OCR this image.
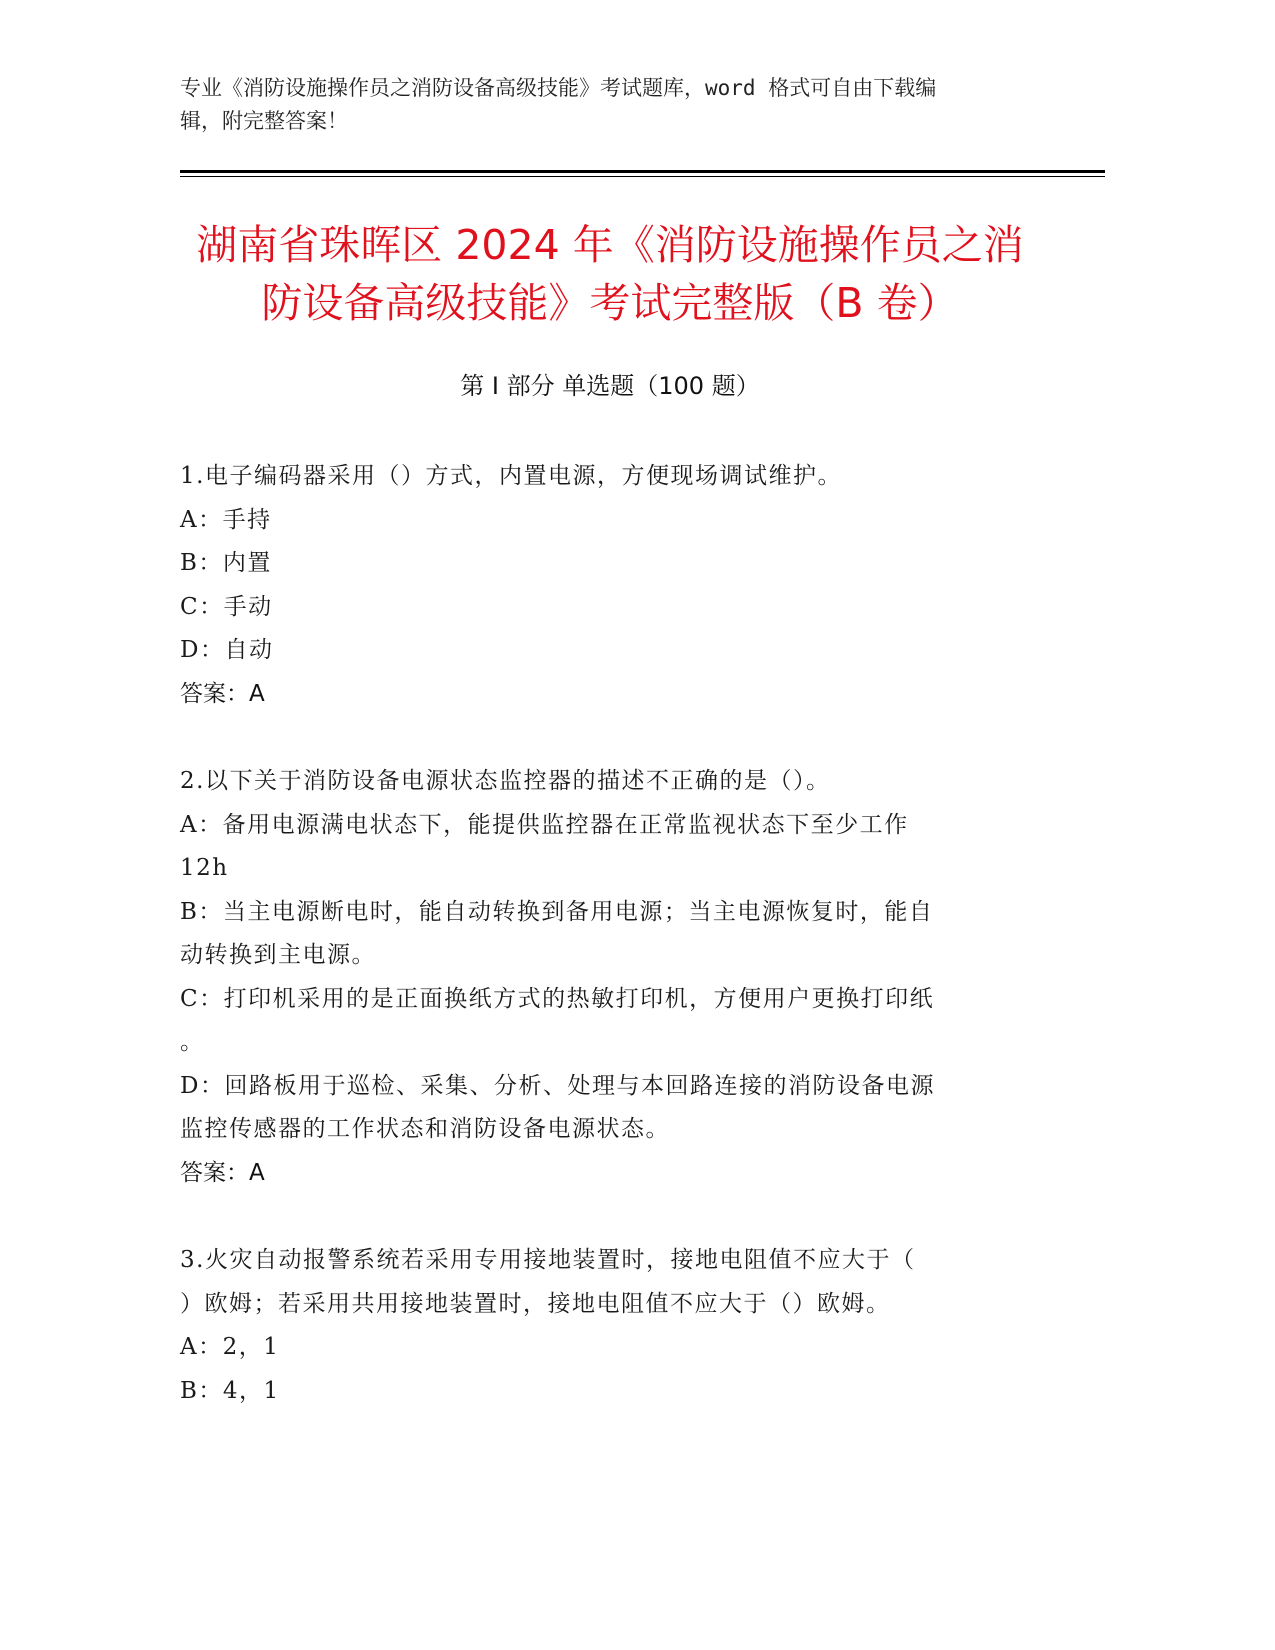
专业《消防设施操作员之消防设备高级技能》考试题库，word 格式可自由下载编
辑，附完整答案！
湖南省珠晖区 2024 年《消防设施操作员之消
防设备高级技能》考试完整版（B 卷）
第 I 部分 单选题（100 题）
1.电子编码器采用（）方式，内置电源，方便现场调试维护。
A：手持
B：内置
C：手动
D：自动
答案：A
2.以下关于消防设备电源状态监控器的描述不正确的是（）。
A：备用电源满电状态下，能提供监控器在正常监视状态下至少工作
12h
B：当主电源断电时，能自动转换到备用电源；当主电源恢复时，能自
动转换到主电源。
C：打印机采用的是正面换纸方式的热敏打印机，方便用户更换打印纸
。
D：回路板用于巡检、采集、分析、处理与本回路连接的消防设备电源
监控传感器的工作状态和消防设备电源状态。
答案：A
3.火灾自动报警系统若采用专用接地装置时，接地电阻值不应大于（
）欧姆；若采用共用接地装置时，接地电阻值不应大于（）欧姆。
A：2，1
B：4，1
